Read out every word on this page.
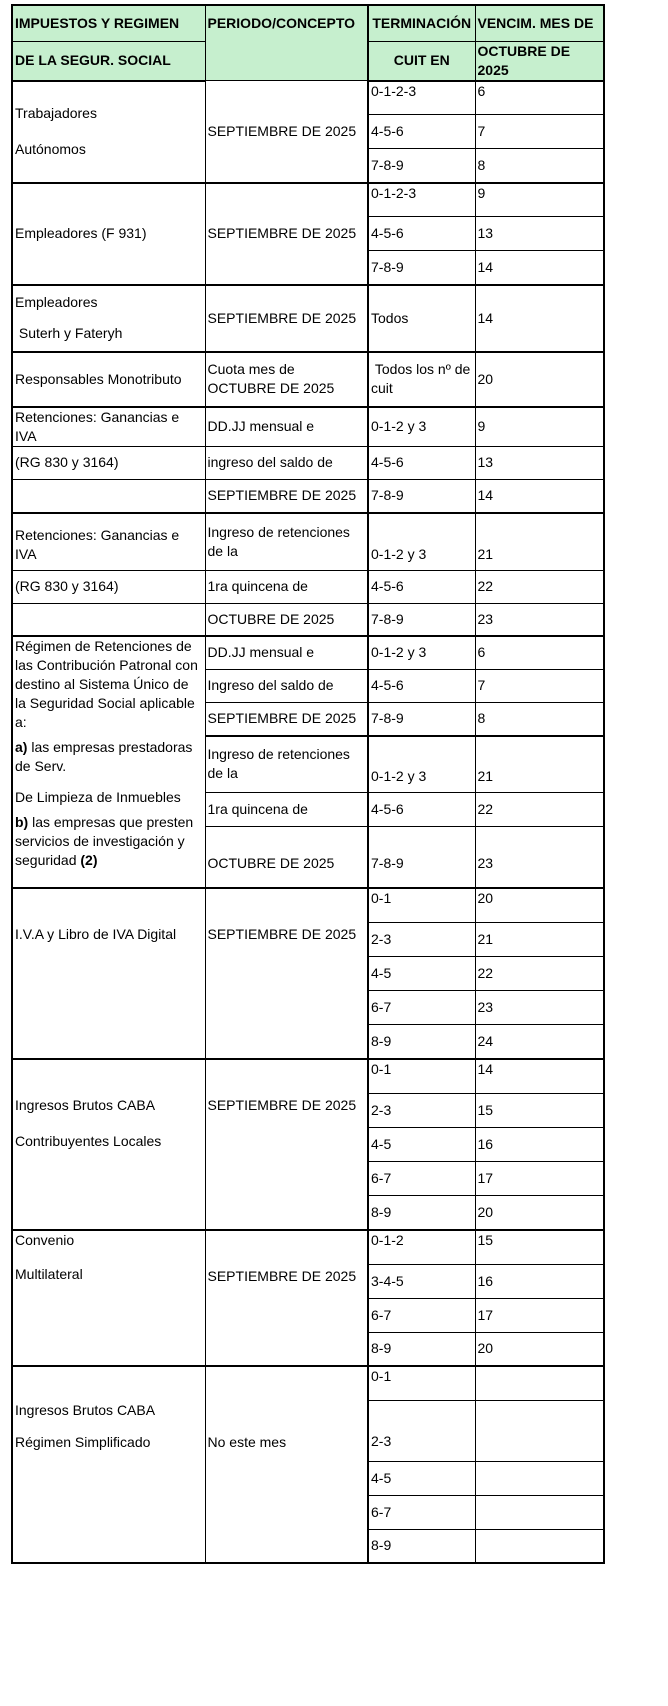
IMPUESTOS Y REGIMEN	PERIODO/CONCEPTO	TERMINACIÓN	VENCIM. MES DE
DE LA SEGUR. SOCIAL		CUIT EN	OCTUBRE DE 2025

Trabajadores
Autónomos	SEPTIEMBRE DE 2025	0-1-2-3	6
		4-5-6	7
		7-8-9	8
Empleadores (F 931)	SEPTIEMBRE DE 2025	0-1-2-3	9
		4-5-6	13
		7-8-9	14

Empleadores
Suterh y Fateryh	SEPTIEMBRE DE 2025	Todos	14
Responsables Monotributo	Cuota mes de OCTUBRE DE 2025	Todos los nº de cuit	20
Retenciones: Ganancias e IVA	DD.JJ mensual e	0-1-2 y 3	9
(RG 830 y 3164)	ingreso del saldo de	4-5-6	13
	SEPTIEMBRE DE 2025	7-8-9	14
Retenciones: Ganancias e IVA	Ingreso de retenciones de la	0-1-2 y 3	21
(RG 830 y 3164)	1ra quincena de	4-5-6	22
	OCTUBRE DE 2025	7-8-9	23

Régimen de Retenciones de las Contribución Patronal con destino al Sistema Único de la Seguridad Social aplicable a:
a) las empresas prestadoras de Serv.
De Limpieza de Inmuebles
b) las empresas que presten servicios de investigación y seguridad (2)	DD.JJ mensual e	0-1-2 y 3	6
	Ingreso del saldo de	4-5-6	7
	SEPTIEMBRE DE 2025	7-8-9	8
	Ingreso de retenciones de la	0-1-2 y 3	21
	1ra quincena de	4-5-6	22
	OCTUBRE DE 2025	7-8-9	23
I.V.A y Libro de IVA Digital	SEPTIEMBRE DE 2025	0-1	20
		2-3	21
		4-5	22
		6-7	23
		8-9	24

Ingresos Brutos CABA
Contribuyentes Locales	SEPTIEMBRE DE 2025	0-1	14
		2-3	15
		4-5	16
		6-7	17
		8-9	20

Convenio
Multilateral	SEPTIEMBRE DE 2025	0-1-2	15
		3-4-5	16
		6-7	17
		8-9	20

Ingresos Brutos CABA
Régimen Simplificado	No este mes	0-1	
		2-3	
		4-5	
		6-7	
		8-9	
